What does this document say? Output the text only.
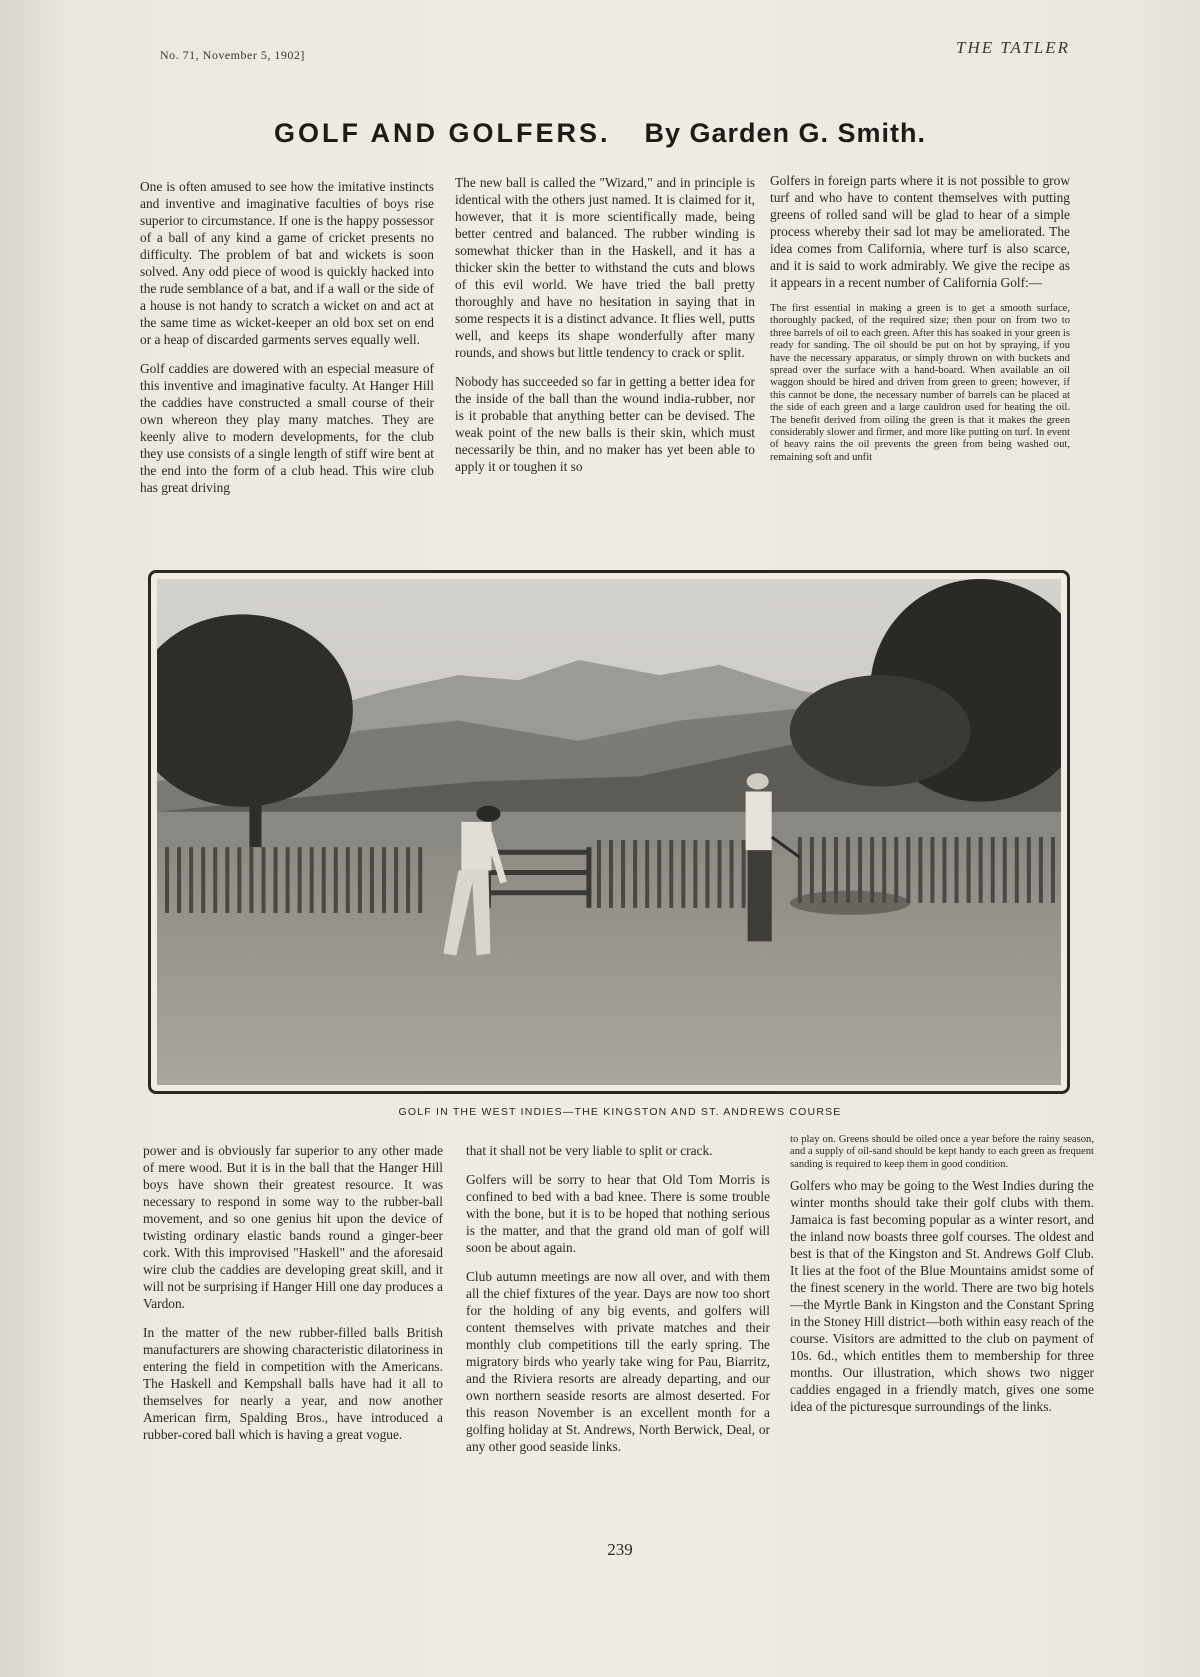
No. 71, November 5, 1902]	THE TATLER
GOLF AND GOLFERS. By Garden G. Smith.

One is often amused to see how the imitative instincts and inventive and imaginative faculties of boys rise superior to circumstance. If one is the happy possessor of a ball of any kind a game of cricket presents no difficulty. The problem of bat and wickets is soon solved. Any odd piece of wood is quickly hacked into the rude semblance of a bat, and if a wall or the side of a house is not handy to scratch a wicket on and act at the same time as wicket-keeper an old box set on end or a heap of discarded garments serves equally well.

Golf caddies are dowered with an especial measure of this inventive and imaginative faculty. At Hanger Hill the caddies have constructed a small course of their own whereon they play many matches. They are keenly alive to modern developments, for the club they use consists of a single length of stiff wire bent at the end into the form of a club head. This wire club has great driving

The new ball is called the "Wizard," and in principle is identical with the others just named. It is claimed for it, however, that it is more scientifically made, being better centred and balanced. The rubber winding is somewhat thicker than in the Haskell, and it has a thicker skin the better to withstand the cuts and blows of this evil world. We have tried the ball pretty thoroughly and have no hesitation in saying that in some respects it is a distinct advance. It flies well, putts well, and keeps its shape wonderfully after many rounds, and shows but little tendency to crack or split.

Nobody has succeeded so far in getting a better idea for the inside of the ball than the wound india-rubber, nor is it probable that anything better can be devised. The weak point of the new balls is their skin, which must necessarily be thin, and no maker has yet been able to apply it or toughen it so

Golfers in foreign parts where it is not possible to grow turf and who have to content themselves with putting greens of rolled sand will be glad to hear of a simple process whereby their sad lot may be ameliorated. The idea comes from California, where turf is also scarce, and it is said to work admirably. We give the recipe as it appears in a recent number of California Golf:—

The first essential in making a green is to get a smooth surface, thoroughly packed, of the required size; then pour on from two to three barrels of oil to each green. After this has soaked in your green is ready for sanding. The oil should be put on hot by spraying, if you have the necessary apparatus, or simply thrown on with buckets and spread over the surface with a hand-board. When available an oil waggon should be hired and driven from green to green; however, if this cannot be done, the necessary number of barrels can be placed at the side of each green and a large cauldron used for heating the oil. The benefit derived from oiling the green is that it makes the green considerably slower and firmer, and more like putting on turf. In event of heavy rains the oil prevents the green from being washed out, remaining soft and unfit

GOLF IN THE WEST INDIES—THE KINGSTON AND ST. ANDREWS COURSE

power and is obviously far superior to any other made of mere wood. But it is in the ball that the Hanger Hill boys have shown their greatest resource. It was necessary to respond in some way to the rubber-ball movement, and so one genius hit upon the device of twisting ordinary elastic bands round a ginger-beer cork. With this improvised "Haskell" and the aforesaid wire club the caddies are developing great skill, and it will not be surprising if Hanger Hill one day produces a Vardon.

In the matter of the new rubber-filled balls British manufacturers are showing characteristic dilatoriness in entering the field in competition with the Americans. The Haskell and Kempshall balls have had it all to themselves for nearly a year, and now another American firm, Spalding Bros., have introduced a rubber-cored ball which is having a great vogue.

that it shall not be very liable to split or crack.

Golfers will be sorry to hear that Old Tom Morris is confined to bed with a bad knee. There is some trouble with the bone, but it is to be hoped that nothing serious is the matter, and that the grand old man of golf will soon be about again.

Club autumn meetings are now all over, and with them all the chief fixtures of the year. Days are now too short for the holding of any big events, and golfers will content themselves with private matches and their monthly club competitions till the early spring. The migratory birds who yearly take wing for Pau, Biarritz, and the Riviera resorts are already departing, and our own northern seaside resorts are almost deserted. For this reason November is an excellent month for a golfing holiday at St. Andrews, North Berwick, Deal, or any other good seaside links.

to play on. Greens should be oiled once a year before the rainy season, and a supply of oil-sand should be kept handy to each green as frequent sanding is required to keep them in good condition.

Golfers who may be going to the West Indies during the winter months should take their golf clubs with them. Jamaica is fast becoming popular as a winter resort, and the inland now boasts three golf courses. The oldest and best is that of the Kingston and St. Andrews Golf Club. It lies at the foot of the Blue Mountains amidst some of the finest scenery in the world. There are two big hotels—the Myrtle Bank in Kingston and the Constant Spring in the Stoney Hill district—both within easy reach of the course. Visitors are admitted to the club on payment of 10s. 6d., which entitles them to membership for three months. Our illustration, which shows two nigger caddies engaged in a friendly match, gives one some idea of the picturesque surroundings of the links.

239
